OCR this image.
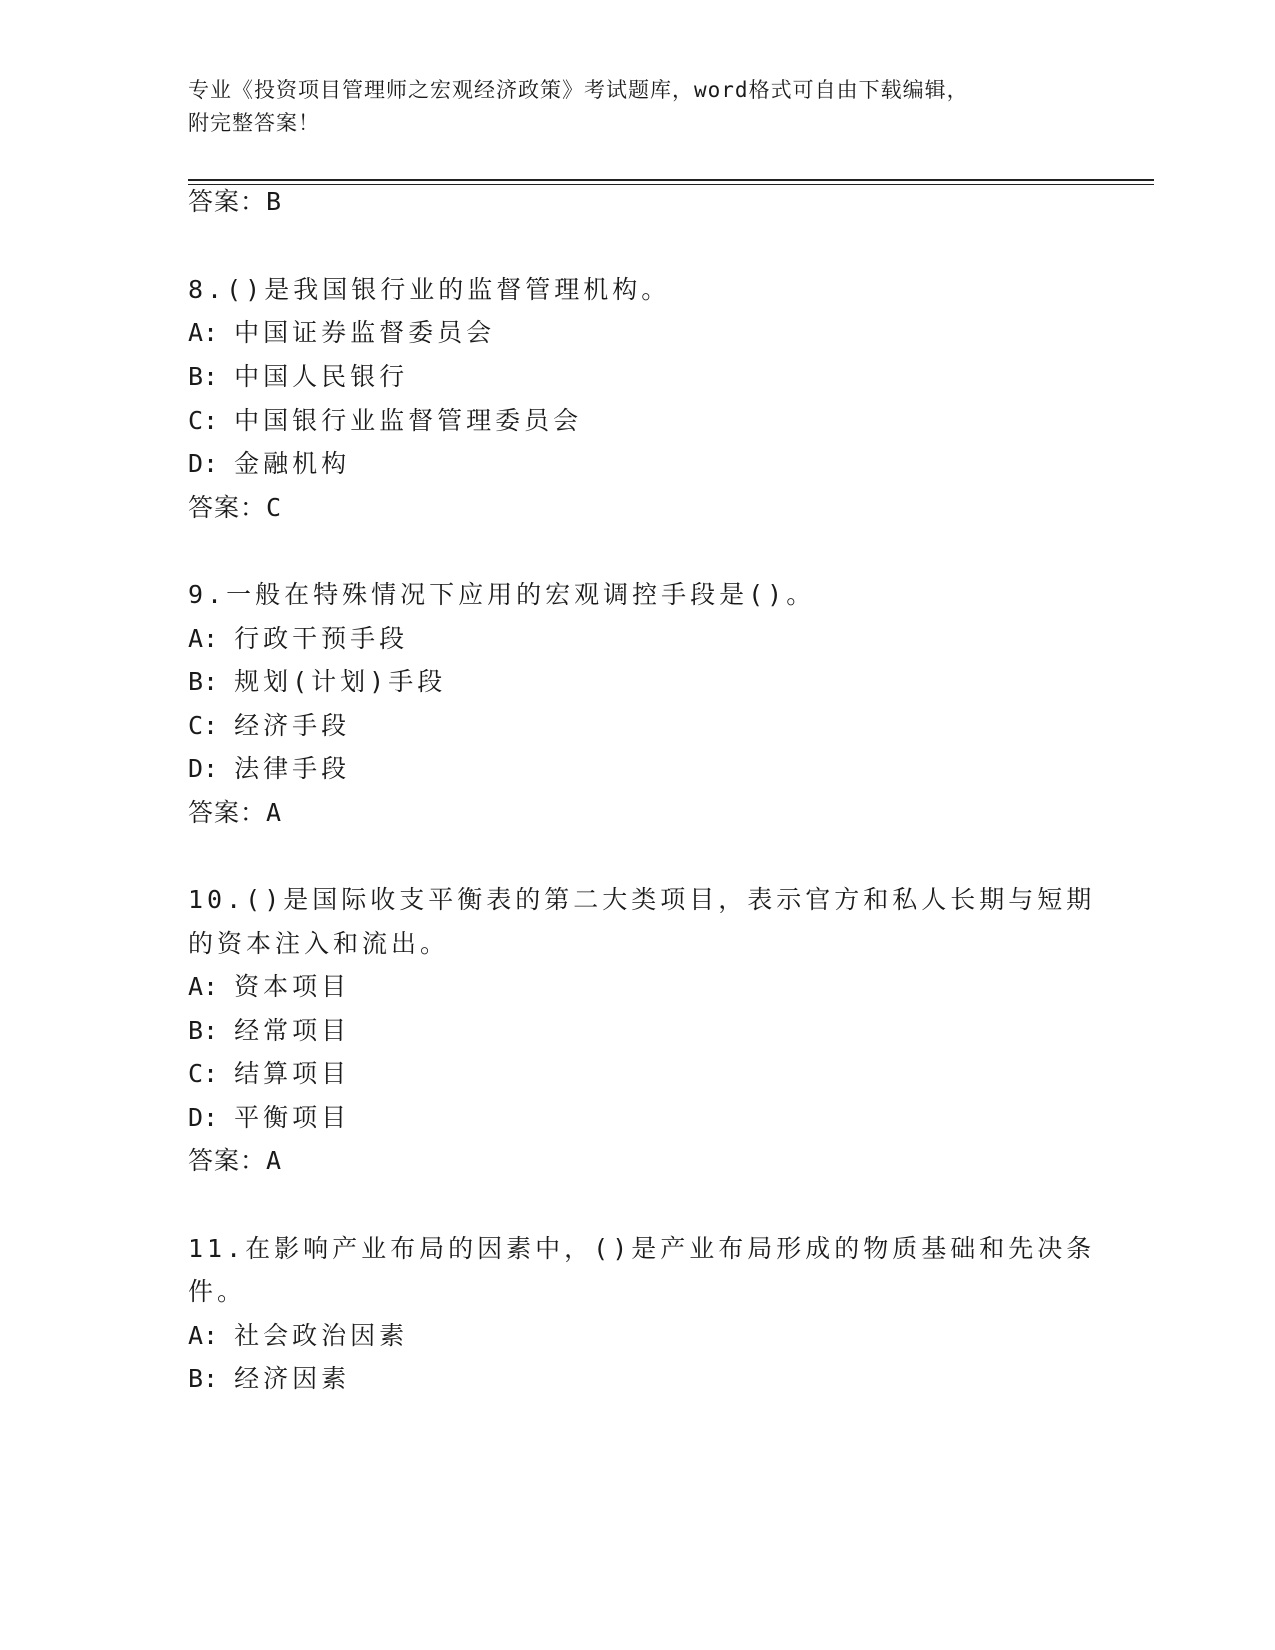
专业《投资项目管理师之宏观经济政策》考试题库，word格式可自由下载编辑，
附完整答案！
答案：B
8.()是我国银行业的监督管理机构。
A: 中国证券监督委员会
B: 中国人民银行
C: 中国银行业监督管理委员会
D: 金融机构
答案：C
9.一般在特殊情况下应用的宏观调控手段是()。
A: 行政干预手段
B: 规划(计划)手段
C: 经济手段
D: 法律手段
答案：A
10.()是国际收支平衡表的第二大类项目，表示官方和私人长期与短期
的资本注入和流出。
A: 资本项目
B: 经常项目
C: 结算项目
D: 平衡项目
答案：A
11.在影响产业布局的因素中，()是产业布局形成的物质基础和先决条
件。
A: 社会政治因素
B: 经济因素
